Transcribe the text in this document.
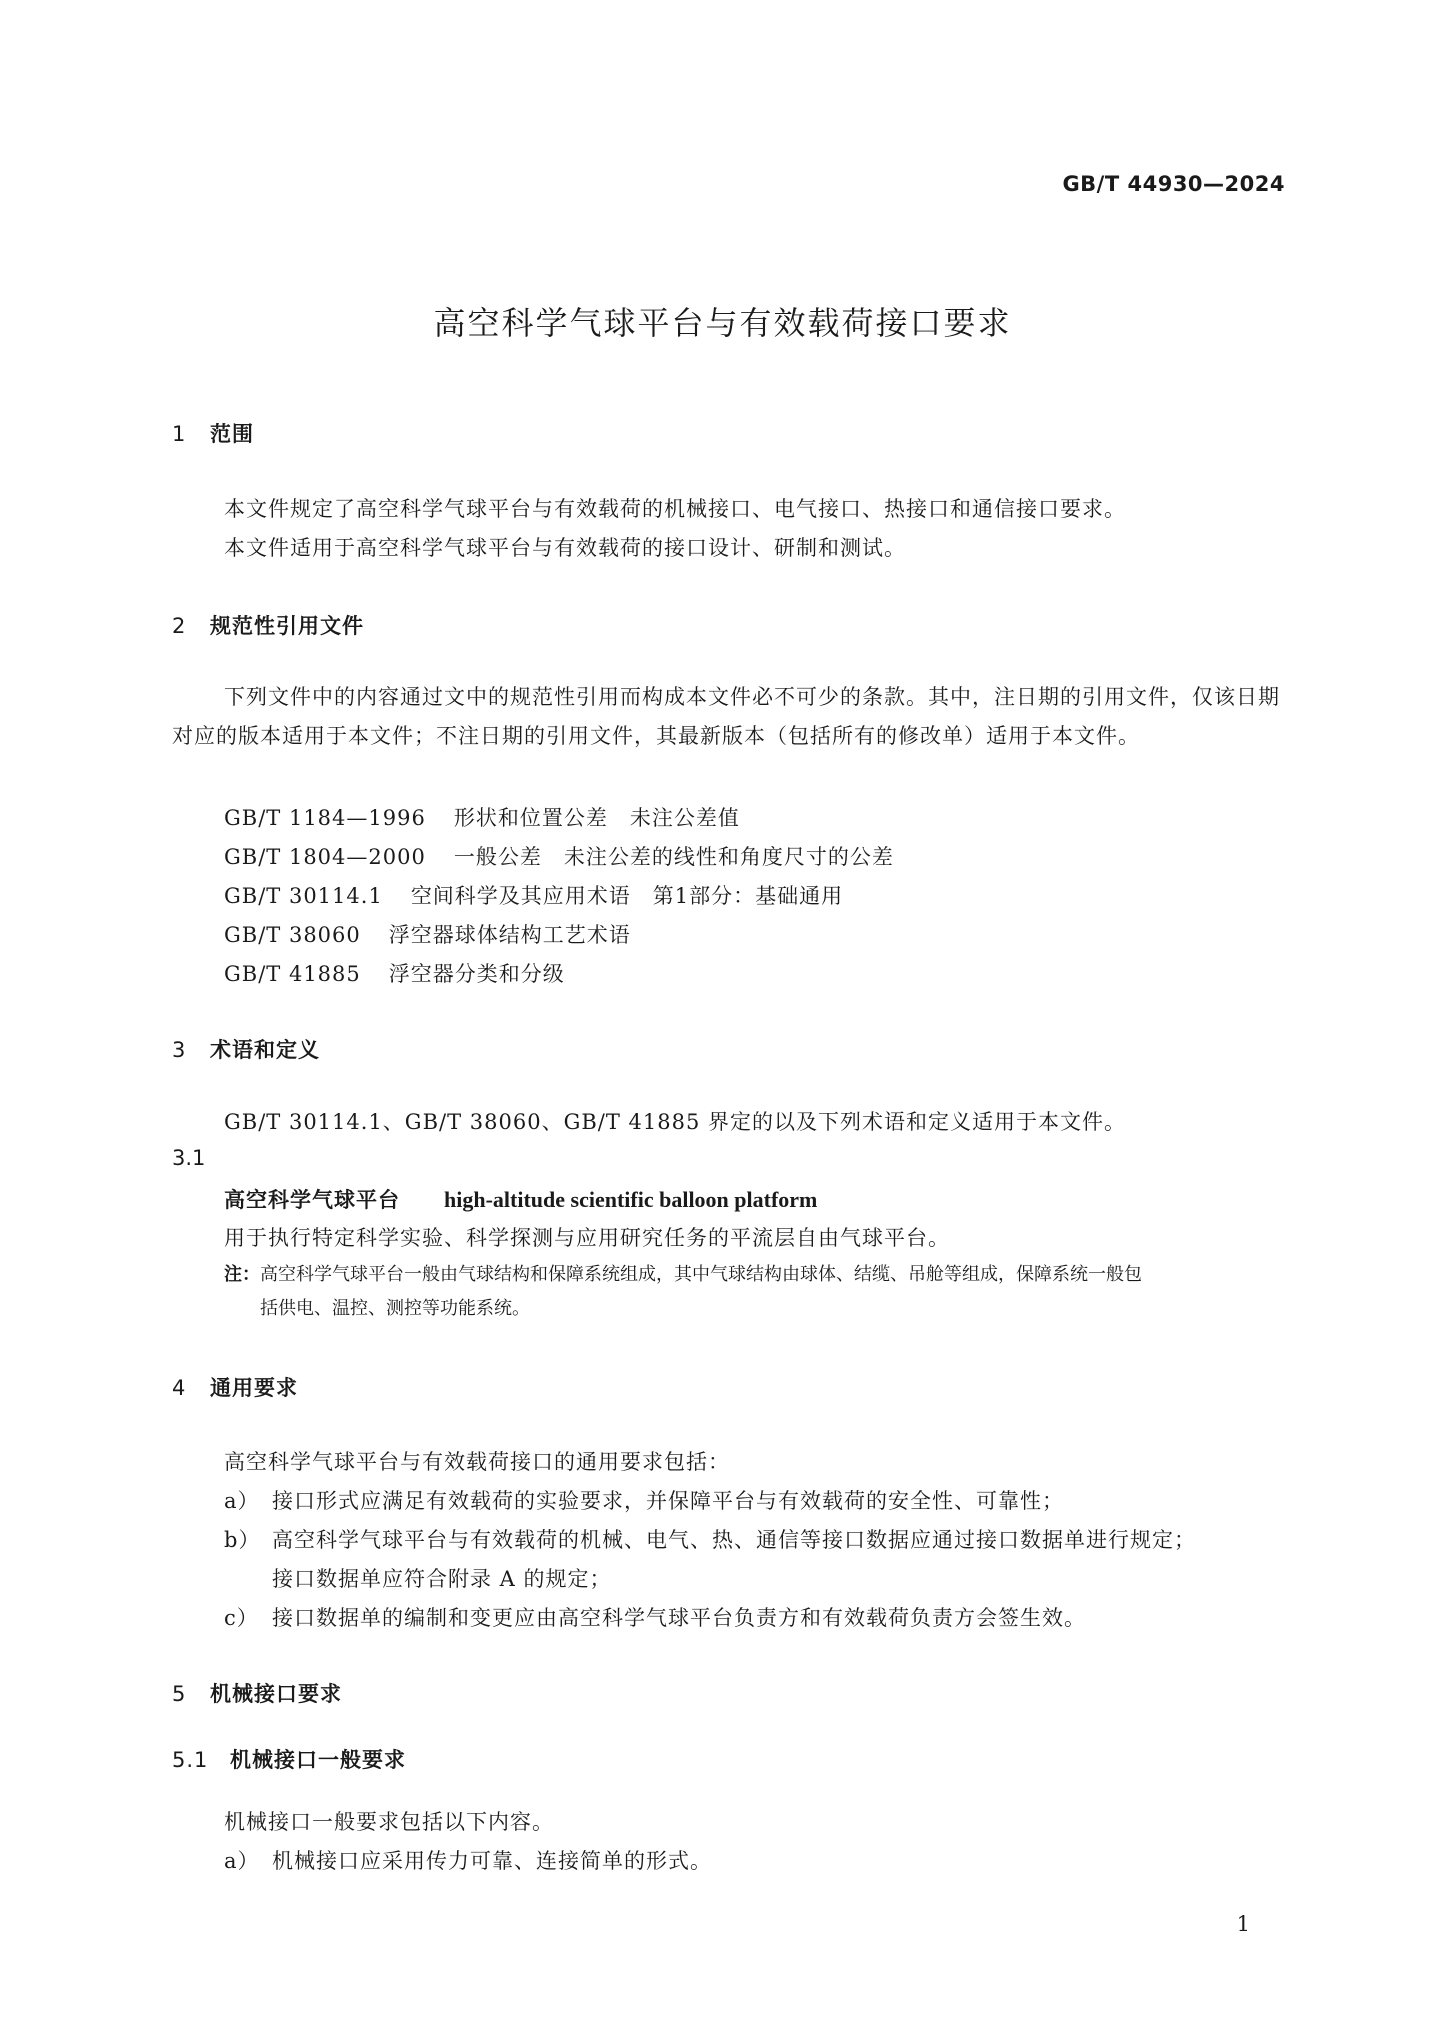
GB/T 44930—2024
高空科学气球平台与有效载荷接口要求
1 范围
本文件规定了高空科学气球平台与有效载荷的机械接口、电气接口、热接口和通信接口要求。
本文件适用于高空科学气球平台与有效载荷的接口设计、研制和测试。
2 规范性引用文件
下列文件中的内容通过文中的规范性引用而构成本文件必不可少的条款。其中，注日期的引用文件，仅该日期对应的版本适用于本文件；不注日期的引用文件，其最新版本（包括所有的修改单）适用于本文件。
GB/T 1184—1996 形状和位置公差　未注公差值
GB/T 1804—2000 一般公差　未注公差的线性和角度尺寸的公差
GB/T 30114.1 空间科学及其应用术语　第1部分：基础通用
GB/T 38060 浮空器球体结构工艺术语
GB/T 41885 浮空器分类和分级
3 术语和定义
GB/T 30114.1、GB/T 38060、GB/T 41885 界定的以及下列术语和定义适用于本文件。
3.1
高空科学气球平台 high-altitude scientific balloon platform
用于执行特定科学实验、科学探测与应用研究任务的平流层自由气球平台。
注：高空科学气球平台一般由气球结构和保障系统组成，其中气球结构由球体、结缆、吊舱等组成，保障系统一般包
括供电、温控、测控等功能系统。
4 通用要求
高空科学气球平台与有效载荷接口的通用要求包括：
a） 接口形式应满足有效载荷的实验要求，并保障平台与有效载荷的安全性、可靠性；
b） 高空科学气球平台与有效载荷的机械、电气、热、通信等接口数据应通过接口数据单进行规定；
接口数据单应符合附录 A 的规定；
c） 接口数据单的编制和变更应由高空科学气球平台负责方和有效载荷负责方会签生效。
5 机械接口要求
5.1 机械接口一般要求
机械接口一般要求包括以下内容。
a） 机械接口应采用传力可靠、连接简单的形式。
1
